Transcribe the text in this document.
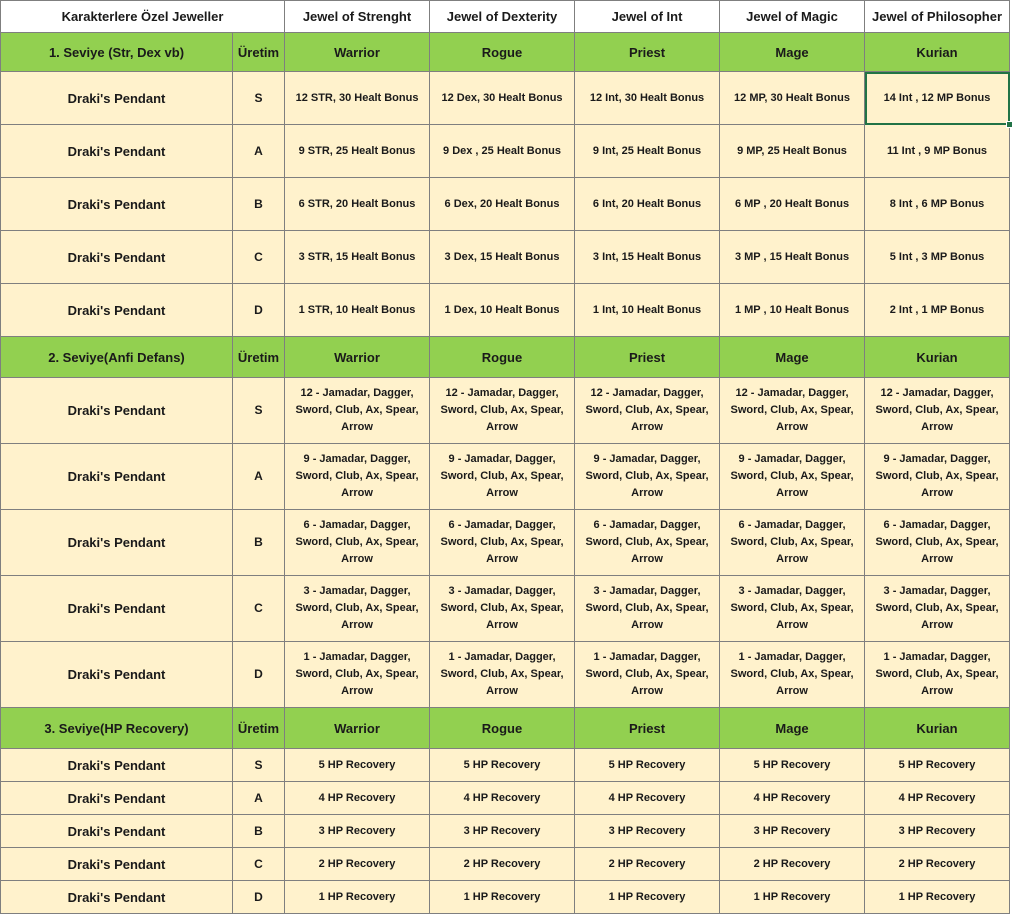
Karakterlere Özel Jeweller		Jewel of Strenght	Jewel of Dexterity	Jewel of Int	Jewel of Magic	Jewel of Philosopher
1. Seviye (Str, Dex vb)	Üretim	Warrior	Rogue	Priest	Mage	Kurian
Draki's Pendant	S	12 STR, 30 Healt Bonus	12 Dex, 30 Healt Bonus	12 Int, 30 Healt Bonus	12 MP, 30 Healt Bonus	14 Int , 12 MP Bonus
Draki's Pendant	A	9 STR, 25 Healt Bonus	9 Dex , 25 Healt Bonus	9 Int, 25 Healt Bonus	9 MP, 25 Healt Bonus	11 Int , 9 MP Bonus
Draki's Pendant	B	6 STR, 20 Healt Bonus	6 Dex, 20 Healt Bonus	6 Int, 20 Healt Bonus	6 MP , 20 Healt Bonus	8 Int , 6 MP Bonus
Draki's Pendant	C	3 STR, 15 Healt Bonus	3 Dex, 15 Healt Bonus	3 Int, 15 Healt Bonus	3 MP , 15 Healt Bonus	5 Int , 3 MP Bonus
Draki's Pendant	D	1 STR, 10 Healt Bonus	1 Dex, 10 Healt Bonus	1 Int, 10 Healt Bonus	1 MP , 10 Healt Bonus	2 Int , 1 MP Bonus
2. Seviye(Anfi Defans)	Üretim	Warrior	Rogue	Priest	Mage	Kurian
Draki's Pendant	S	12 - Jamadar, Dagger, Sword, Club, Ax, Spear, Arrow	12 - Jamadar, Dagger, Sword, Club, Ax, Spear, Arrow	12 - Jamadar, Dagger, Sword, Club, Ax, Spear, Arrow	12 - Jamadar, Dagger, Sword, Club, Ax, Spear, Arrow	12 - Jamadar, Dagger, Sword, Club, Ax, Spear, Arrow
Draki's Pendant	A	9 - Jamadar, Dagger, Sword, Club, Ax, Spear, Arrow	9 - Jamadar, Dagger, Sword, Club, Ax, Spear, Arrow	9 - Jamadar, Dagger, Sword, Club, Ax, Spear, Arrow	9 - Jamadar, Dagger, Sword, Club, Ax, Spear, Arrow	9 - Jamadar, Dagger, Sword, Club, Ax, Spear, Arrow
Draki's Pendant	B	6 - Jamadar, Dagger, Sword, Club, Ax, Spear, Arrow	6 - Jamadar, Dagger, Sword, Club, Ax, Spear, Arrow	6 - Jamadar, Dagger, Sword, Club, Ax, Spear, Arrow	6 - Jamadar, Dagger, Sword, Club, Ax, Spear, Arrow	6 - Jamadar, Dagger, Sword, Club, Ax, Spear, Arrow
Draki's Pendant	C	3 - Jamadar, Dagger, Sword, Club, Ax, Spear, Arrow	3 - Jamadar, Dagger, Sword, Club, Ax, Spear, Arrow	3 - Jamadar, Dagger, Sword, Club, Ax, Spear, Arrow	3 - Jamadar, Dagger, Sword, Club, Ax, Spear, Arrow	3 - Jamadar, Dagger, Sword, Club, Ax, Spear, Arrow
Draki's Pendant	D	1 - Jamadar, Dagger, Sword, Club, Ax, Spear, Arrow	1 - Jamadar, Dagger, Sword, Club, Ax, Spear, Arrow	1 - Jamadar, Dagger, Sword, Club, Ax, Spear, Arrow	1 - Jamadar, Dagger, Sword, Club, Ax, Spear, Arrow	1 - Jamadar, Dagger, Sword, Club, Ax, Spear, Arrow
3. Seviye(HP Recovery)	Üretim	Warrior	Rogue	Priest	Mage	Kurian
Draki's Pendant	S	5 HP Recovery	5 HP Recovery	5 HP Recovery	5 HP Recovery	5 HP Recovery
Draki's Pendant	A	4 HP Recovery	4 HP Recovery	4 HP Recovery	4 HP Recovery	4 HP Recovery
Draki's Pendant	B	3 HP Recovery	3 HP Recovery	3 HP Recovery	3 HP Recovery	3 HP Recovery
Draki's Pendant	C	2 HP Recovery	2 HP Recovery	2 HP Recovery	2 HP Recovery	2 HP Recovery
Draki's Pendant	D	1 HP Recovery	1 HP Recovery	1 HP Recovery	1 HP Recovery	1 HP Recovery
